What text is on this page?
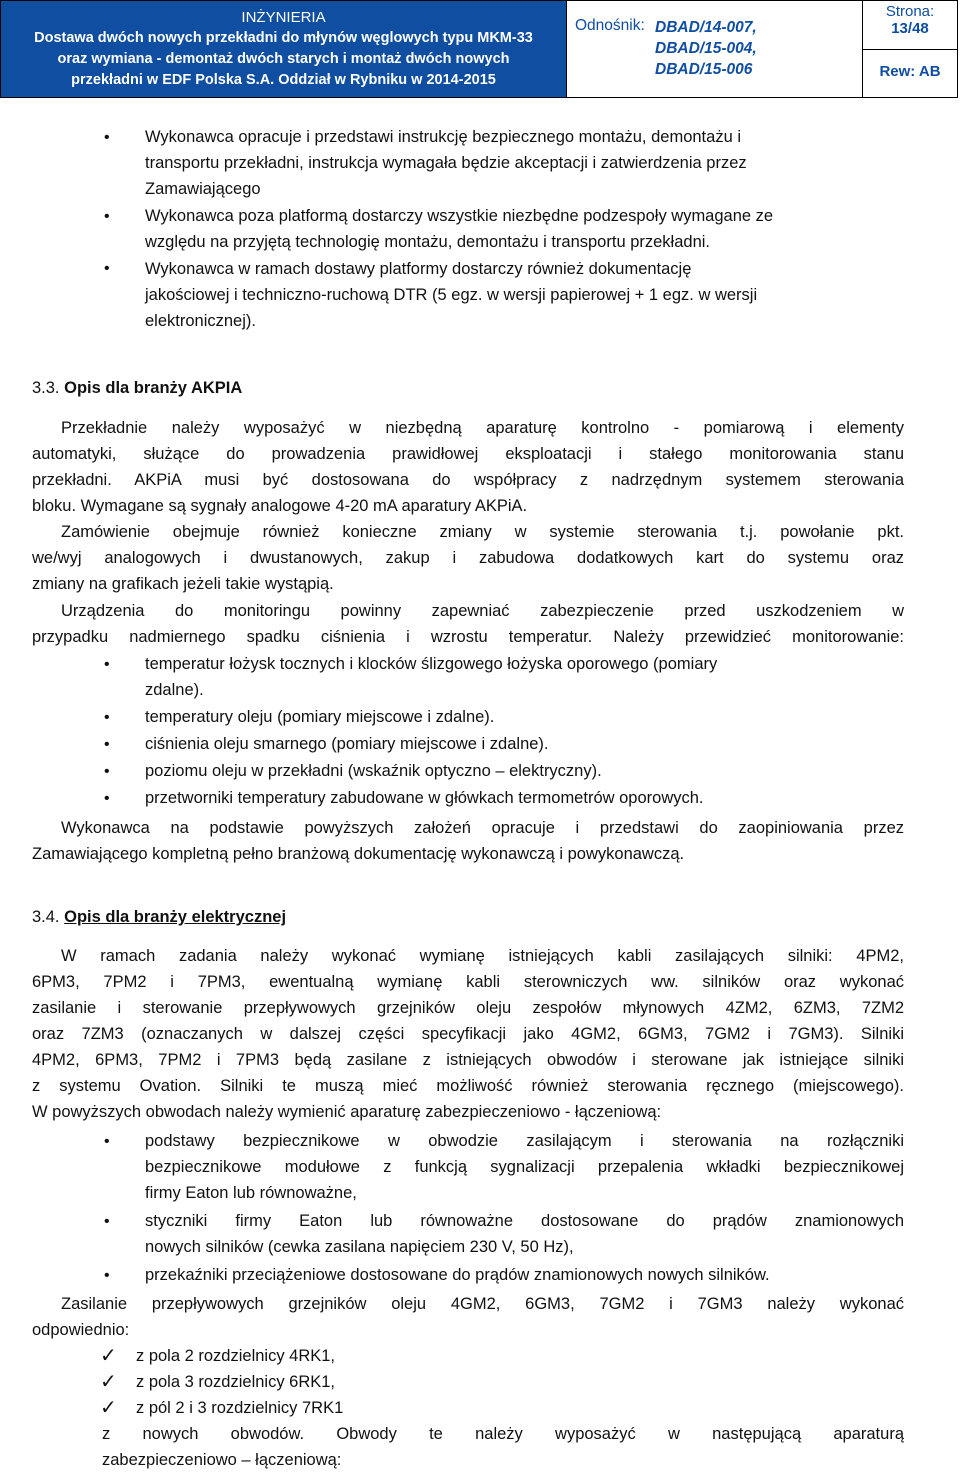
INŻYNIERIA
Dostawa dwóch nowych przekładni do młynów węglowych typu MKM-33
oraz wymiana - demontaż dwóch starych i montaż dwóch nowych
przekładni w EDF Polska S.A. Oddział w Rybniku w 2014-2015
Odnośnik: DBAD/14-007,
DBAD/15-004,
DBAD/15-006
Strona:
13/48
Rew: AB
• Wykonawca opracuje i przedstawi instrukcję bezpiecznego montażu, demontażu i
transportu przekładni, instrukcja wymagała będzie akceptacji i zatwierdzenia przez
Zamawiającego
• Wykonawca poza platformą dostarczy wszystkie niezbędne podzespoły wymagane ze
względu na przyjętą technologię montażu, demontażu i transportu przekładni.
• Wykonawca w ramach dostawy platformy dostarczy również dokumentację
jakościowej i techniczno-ruchową DTR (5 egz. w wersji papierowej + 1 egz. w wersji
elektronicznej).
3.3. Opis dla branży AKPIA
Przekładnie należy wyposażyć w niezbędną aparaturę kontrolno - pomiarową i elementy
automatyki, służące do prowadzenia prawidłowej eksploatacji i stałego monitorowania stanu
przekładni. AKPiA musi być dostosowana do współpracy z nadrzędnym systemem sterowania
bloku. Wymagane są sygnały analogowe 4-20 mA aparatury AKPiA.
Zamówienie obejmuje również konieczne zmiany w systemie sterowania t.j. powołanie pkt.
we/wyj analogowych i dwustanowych, zakup i zabudowa dodatkowych kart do systemu oraz
zmiany na grafikach jeżeli takie wystąpią.
Urządzenia do monitoringu powinny zapewniać zabezpieczenie przed uszkodzeniem w
przypadku nadmiernego spadku ciśnienia i wzrostu temperatur. Należy przewidzieć monitorowanie:
• temperatur łożysk tocznych i klocków ślizgowego łożyska oporowego (pomiary
zdalne).
• temperatury oleju (pomiary miejscowe i zdalne).
• ciśnienia oleju smarnego (pomiary miejscowe i zdalne).
• poziomu oleju w przekładni (wskaźnik optyczno – elektryczny).
• przetworniki temperatury zabudowane w główkach termometrów oporowych.
Wykonawca na podstawie powyższych założeń opracuje i przedstawi do zaopiniowania przez
Zamawiającego kompletną pełno branżową dokumentację wykonawczą i powykonawczą.
3.4. Opis dla branży elektrycznej
W ramach zadania należy wykonać wymianę istniejących kabli zasilających silniki: 4PM2,
6PM3, 7PM2 i 7PM3, ewentualną wymianę kabli sterowniczych ww. silników oraz wykonać
zasilanie i sterowanie przepływowych grzejników oleju zespołów młynowych 4ZM2, 6ZM3, 7ZM2
oraz 7ZM3 (oznaczanych w dalszej części specyfikacji jako 4GM2, 6GM3, 7GM2 i 7GM3). Silniki
4PM2, 6PM3, 7PM2 i 7PM3 będą zasilane z istniejących obwodów i sterowane jak istniejące silniki
z systemu Ovation. Silniki te muszą mieć możliwość również sterowania ręcznego (miejscowego).
W powyższych obwodach należy wymienić aparaturę zabezpieczeniowo - łączeniową:
• podstawy bezpiecznikowe w obwodzie zasilającym i sterowania na rozłączniki
bezpiecznikowe modułowe z funkcją sygnalizacji przepalenia wkładki bezpiecznikowej
firmy Eaton lub równoważne,
• styczniki firmy Eaton lub równoważne dostosowane do prądów znamionowych
nowych silników (cewka zasilana napięciem 230 V, 50 Hz),
• przekaźniki przeciążeniowe dostosowane do prądów znamionowych nowych silników.
Zasilanie przepływowych grzejników oleju 4GM2, 6GM3, 7GM2 i 7GM3 należy wykonać
odpowiednio:
✓ z pola 2 rozdzielnicy 4RK1,
✓ z pola 3 rozdzielnicy 6RK1,
✓ z pól 2 i 3 rozdzielnicy 7RK1
z nowych obwodów. Obwody te należy wyposażyć w następującą aparaturą
zabezpieczeniowo – łączeniową:
